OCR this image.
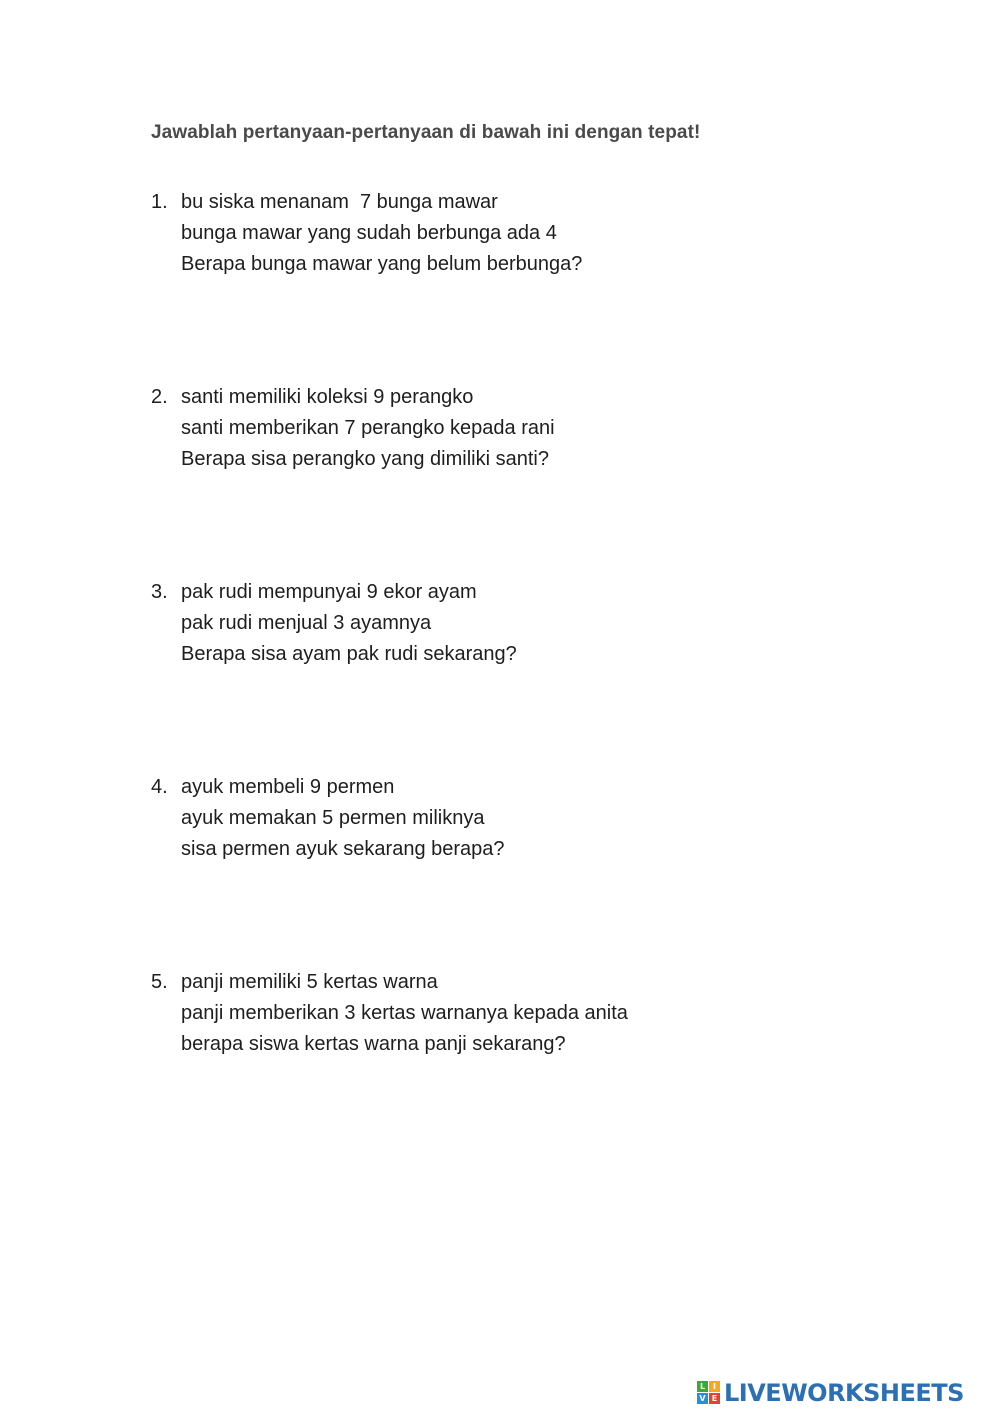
Jawablah pertanyaan-pertanyaan di bawah ini dengan tepat!
1. bu siska menanam  7 bunga mawar
bunga mawar yang sudah berbunga ada 4
Berapa bunga mawar yang belum berbunga?
2. santi memiliki koleksi 9 perangko
santi memberikan 7 perangko kepada rani
Berapa sisa perangko yang dimiliki santi?
3. pak rudi mempunyai 9 ekor ayam
pak rudi menjual 3 ayamnya
Berapa sisa ayam pak rudi sekarang?
4. ayuk membeli 9 permen
ayuk memakan 5 permen miliknya
sisa permen ayuk sekarang berapa?
5. panji memiliki 5 kertas warna
panji memberikan 3 kertas warnanya kepada anita
berapa siswa kertas warna panji sekarang?
L I
V E LIVEWORKSHEETS
